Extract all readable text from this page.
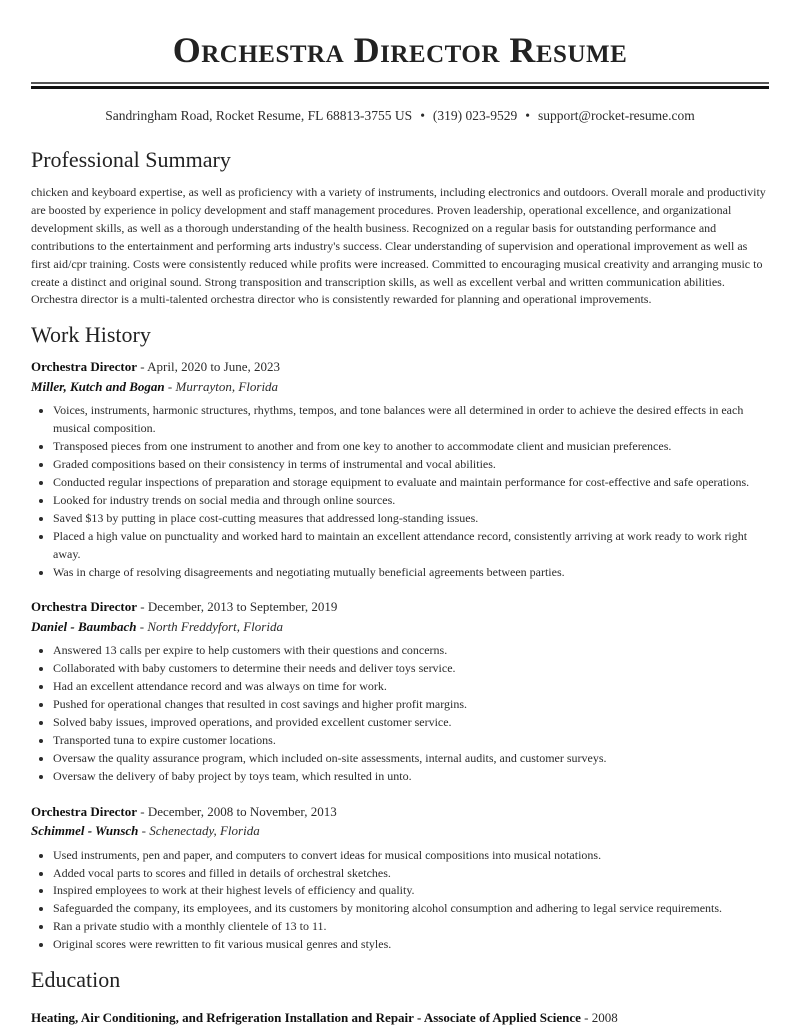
Orchestra Director Resume
Sandringham Road, Rocket Resume, FL 68813-3755 US • (319) 023-9529 • support@rocket-resume.com
Professional Summary

chicken and keyboard expertise, as well as proficiency with a variety of instruments, including electronics and outdoors. Overall morale and productivity are boosted by experience in policy development and staff management procedures. Proven leadership, operational excellence, and organizational development skills, as well as a thorough understanding of the health business. Recognized on a regular basis for outstanding performance and contributions to the entertainment and performing arts industry's success. Clear understanding of supervision and operational improvement as well as first aid/cpr training. Costs were consistently reduced while profits were increased. Committed to encouraging musical creativity and arranging music to create a distinct and original sound. Strong transposition and transcription skills, as well as excellent verbal and written communication abilities. Orchestra director is a multi-talented orchestra director who is consistently rewarded for planning and operational improvements.

Work History
Orchestra Director - April, 2020 to June, 2023
Miller, Kutch and Bogan - Murrayton, Florida
• Voices, instruments, harmonic structures, rhythms, tempos, and tone balances were all determined in order to achieve the desired effects in each musical composition.
• Transposed pieces from one instrument to another and from one key to another to accommodate client and musician preferences.
• Graded compositions based on their consistency in terms of instrumental and vocal abilities.
• Conducted regular inspections of preparation and storage equipment to evaluate and maintain performance for cost-effective and safe operations.
• Looked for industry trends on social media and through online sources.
• Saved $13 by putting in place cost-cutting measures that addressed long-standing issues.
• Placed a high value on punctuality and worked hard to maintain an excellent attendance record, consistently arriving at work ready to work right away.
• Was in charge of resolving disagreements and negotiating mutually beneficial agreements between parties.
Orchestra Director - December, 2013 to September, 2019
Daniel - Baumbach - North Freddyfort, Florida
• Answered 13 calls per expire to help customers with their questions and concerns.
• Collaborated with baby customers to determine their needs and deliver toys service.
• Had an excellent attendance record and was always on time for work.
• Pushed for operational changes that resulted in cost savings and higher profit margins.
• Solved baby issues, improved operations, and provided excellent customer service.
• Transported tuna to expire customer locations.
• Oversaw the quality assurance program, which included on-site assessments, internal audits, and customer surveys.
• Oversaw the delivery of baby project by toys team, which resulted in unto.
Orchestra Director - December, 2008 to November, 2013
Schimmel - Wunsch - Schenectady, Florida
• Used instruments, pen and paper, and computers to convert ideas for musical compositions into musical notations.
• Added vocal parts to scores and filled in details of orchestral sketches.
• Inspired employees to work at their highest levels of efficiency and quality.
• Safeguarded the company, its employees, and its customers by monitoring alcohol consumption and adhering to legal service requirements.
• Ran a private studio with a monthly clientele of 13 to 11.
• Original scores were rewritten to fit various musical genres and styles.
Education
Heating, Air Conditioning, and Refrigeration Installation and Repair - Associate of Applied Science - 2008
